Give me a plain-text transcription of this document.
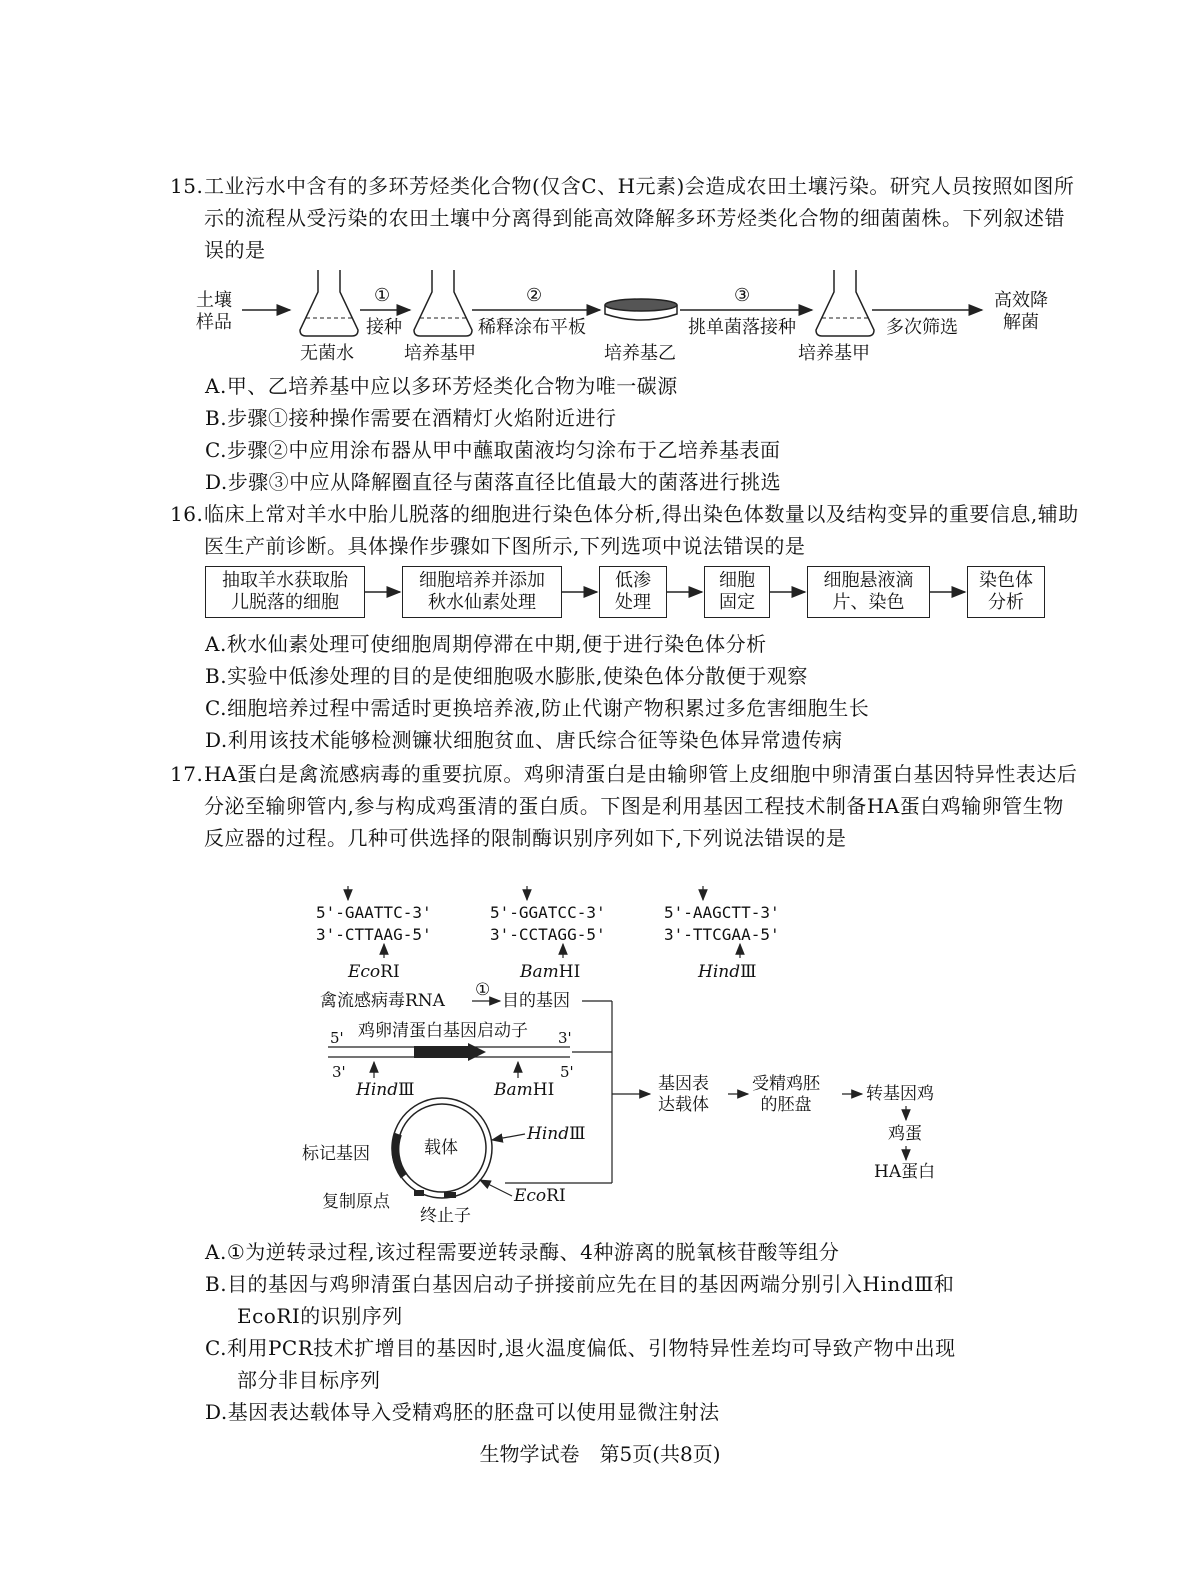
15. 工业污水中含有的多环芳烃类化合物(仅含C、H元素)会造成农田土壤污染。研究人员按照如图所示的流程从受污染的农田土壤中分离得到能高效降解多环芳烃类化合物的细菌菌株。下列叙述错误的是
土壤样品
无菌水
①
接种
培养基甲
②
稀释涂布平板
培养基乙
③
挑单菌落接种
培养基甲
多次筛选
高效降解菌
A.甲、乙培养基中应以多环芳烃类化合物为唯一碳源
B.步骤①接种操作需要在酒精灯火焰附近进行
C.步骤②中应用涂布器从甲中蘸取菌液均匀涂布于乙培养基表面
D.步骤③中应从降解圈直径与菌落直径比值最大的菌落进行挑选
16. 临床上常对羊水中胎儿脱落的细胞进行染色体分析,得出染色体数量以及结构变异的重要信息,辅助医生产前诊断。具体操作步骤如下图所示,下列选项中说法错误的是
抽取羊水获取胎
儿脱落的细胞
细胞培养并添加
秋水仙素处理
低渗
处理
细胞
固定
细胞悬液滴
片、染色
染色体
分析
A.秋水仙素处理可使细胞周期停滞在中期,便于进行染色体分析
B.实验中低渗处理的目的是使细胞吸水膨胀,使染色体分散便于观察
C.细胞培养过程中需适时更换培养液,防止代谢产物积累过多危害细胞生长
D.利用该技术能够检测镰状细胞贫血、唐氏综合征等染色体异常遗传病
17. HA蛋白是禽流感病毒的重要抗原。鸡卵清蛋白是由输卵管上皮细胞中卵清蛋白基因特异性表达后分泌至输卵管内,参与构成鸡蛋清的蛋白质。下图是利用基因工程技术制备HA蛋白鸡输卵管生物反应器的过程。几种可供选择的限制酶识别序列如下,下列说法错误的是
5'-GAATTC-3'
3'-CTTAAG-5'
EcoRⅠ
5'-GGATCC-3'
3'-CCTAGG-5'
BamHⅠ
5'-AAGCTT-3'
3'-TTCGAA-5'
HindⅢ
禽流感病毒RNA
①
目的基因
5' 鸡卵清蛋白基因启动子 3'
3'	5'
HindⅢ	BamHⅠ
载体
标记基因
复制原点
终止子
HindⅢ
EcoRⅠ
基因表
达载体
受精鸡胚
的胚盘
转基因鸡
鸡蛋
HA蛋白
A.①为逆转录过程,该过程需要逆转录酶、4种游离的脱氧核苷酸等组分
B.目的基因与鸡卵清蛋白基因启动子拼接前应先在目的基因两端分别引入HindⅢ和
EcoRⅠ的识别序列
C.利用PCR技术扩增目的基因时,退火温度偏低、引物特异性差均可导致产物中出现
部分非目标序列
D.基因表达载体导入受精鸡胚的胚盘可以使用显微注射法
生物学试卷　第5页(共8页)
